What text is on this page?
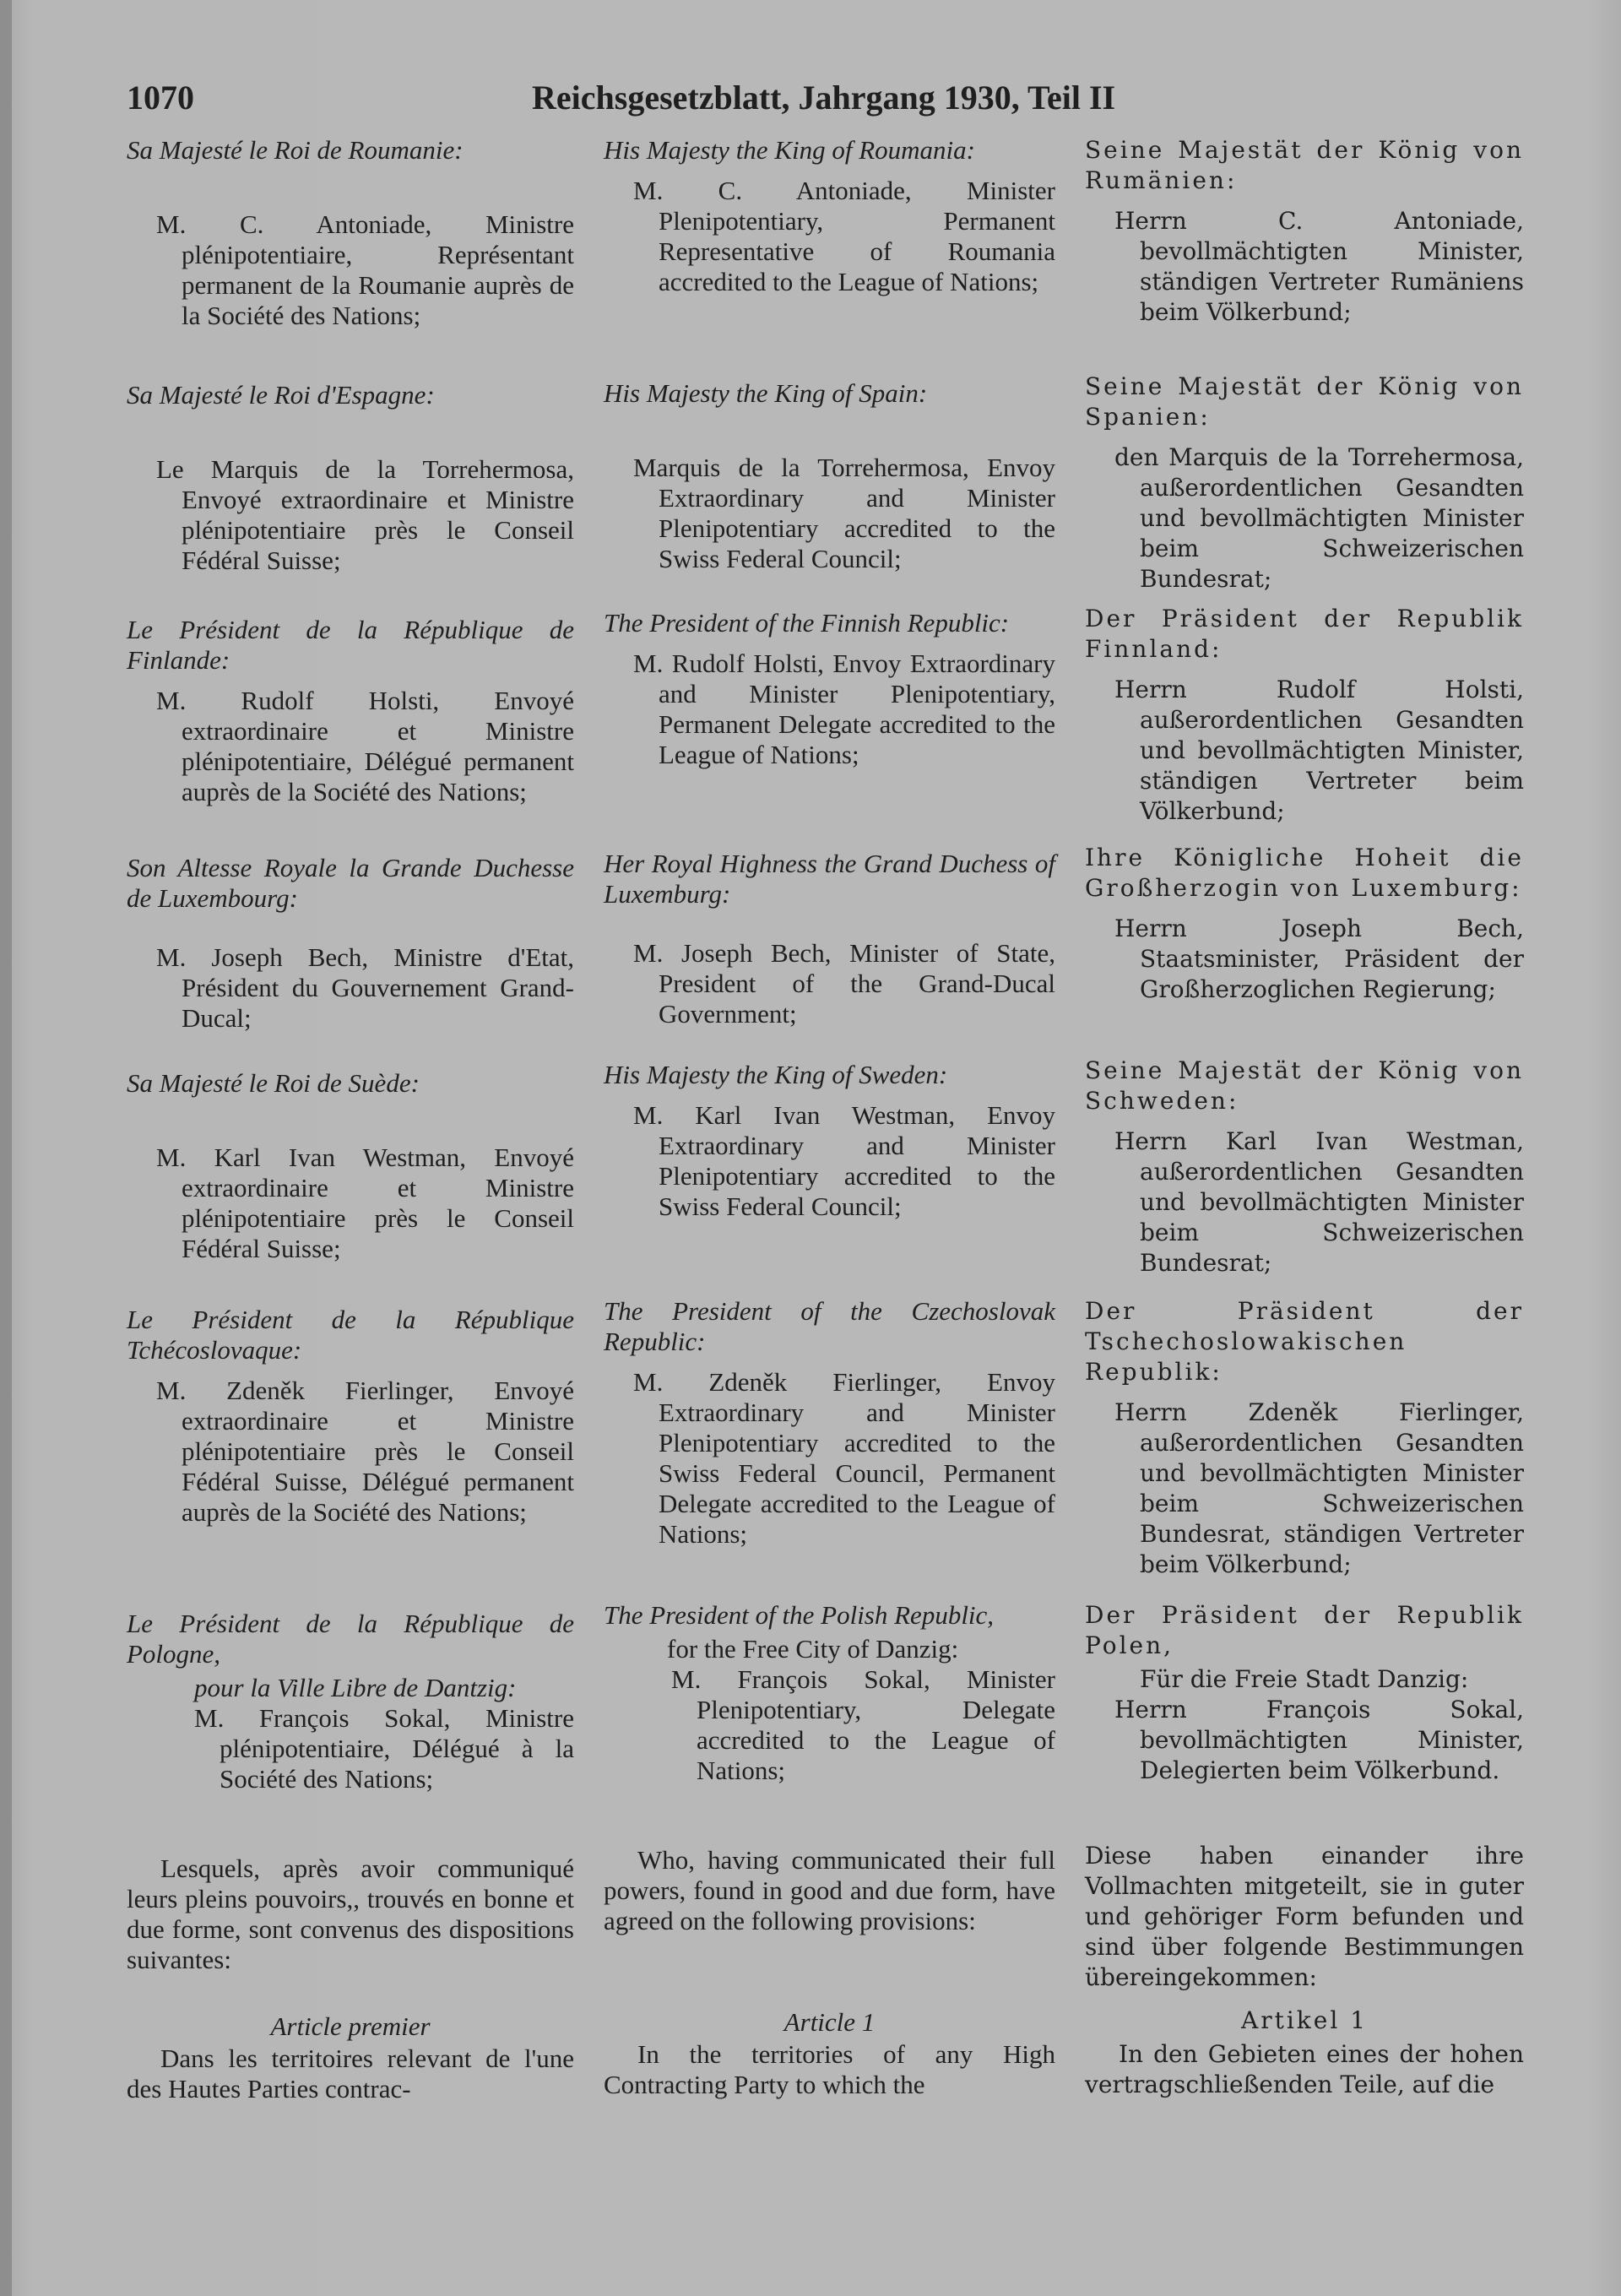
1070	Reichsgesetzblatt, Jahrgang 1930, Teil II
Sa Majesté le Roi de Roumanie:
M. C. Antoniade, Ministre plénipotentiaire, Représentant permanent de la Roumanie auprès de la Société des Nations;
Sa Majesté le Roi d'Espagne:
Le Marquis de la Torrehermosa, Envoyé extraordinaire et Ministre plénipotentiaire près le Conseil Fédéral Suisse;
Le Président de la République de Finlande:
M. Rudolf Holsti, Envoyé extraordinaire et Ministre plénipotentiaire, Délégué permanent auprès de la Société des Nations;
Son Altesse Royale la Grande Duchesse de Luxembourg:
M. Joseph Bech, Ministre d'Etat, Président du Gouvernement Grand-Ducal;
Sa Majesté le Roi de Suède:
M. Karl Ivan Westman, Envoyé extraordinaire et Ministre plénipotentiaire près le Conseil Fédéral Suisse;
Le Président de la République Tchécoslovaque:
M. Zdeněk Fierlinger, Envoyé extraordinaire et Ministre plénipotentiaire près le Conseil Fédéral Suisse, Délégué permanent auprès de la Société des Nations;
Le Président de la République de Pologne,
pour la Ville Libre de Dantzig:
M. François Sokal, Ministre plénipotentiaire, Délégué à la Société des Nations;
Lesquels, après avoir communiqué leurs pleins pouvoirs,, trouvés en bonne et due forme, sont convenus des dispositions suivantes:
Article premier
Dans les territoires relevant de l'une des Hautes Parties contrac-
His Majesty the King of Roumania:
M. C. Antoniade, Minister Plenipotentiary, Permanent Representative of Roumania accredited to the League of Nations;
His Majesty the King of Spain:
Marquis de la Torrehermosa, Envoy Extraordinary and Minister Plenipotentiary accredited to the Swiss Federal Council;
The President of the Finnish Republic:
M. Rudolf Holsti, Envoy Extraordinary and Minister Plenipotentiary, Permanent Delegate accredited to the League of Nations;
Her Royal Highness the Grand Duchess of Luxemburg:
M. Joseph Bech, Minister of State, President of the Grand-Ducal Government;
His Majesty the King of Sweden:
M. Karl Ivan Westman, Envoy Extraordinary and Minister Plenipotentiary accredited to the Swiss Federal Council;
The President of the Czechoslovak Republic:
M. Zdeněk Fierlinger, Envoy Extraordinary and Minister Plenipotentiary accredited to the Swiss Federal Council, Permanent Delegate accredited to the League of Nations;
The President of the Polish Republic,
for the Free City of Danzig:
M. François Sokal, Minister Plenipotentiary, Delegate accredited to the League of Nations;
Who, having communicated their full powers, found in good and due form, have agreed on the following provisions:
Article 1
In the territories of any High Contracting Party to which the
Seine Majestät der König von Rumänien:
Herrn C. Antoniade, bevollmächtigten Minister, ständigen Vertreter Rumäniens beim Völkerbund;
Seine Majestät der König von Spanien:
den Marquis de la Torrehermosa, außerordentlichen Gesandten und bevollmächtigten Minister beim Schweizerischen Bundesrat;
Der Präsident der Republik Finnland:
Herrn Rudolf Holsti, außerordentlichen Gesandten und bevollmächtigten Minister, ständigen Vertreter beim Völkerbund;
Ihre Königliche Hoheit die Großherzogin von Luxemburg:
Herrn Joseph Bech, Staatsminister, Präsident der Großherzoglichen Regierung;
Seine Majestät der König von Schweden:
Herrn Karl Ivan Westman, außerordentlichen Gesandten und bevollmächtigten Minister beim Schweizerischen Bundesrat;
Der Präsident der Tschechoslowakischen Republik:
Herrn Zdeněk Fierlinger, außerordentlichen Gesandten und bevollmächtigten Minister beim Schweizerischen Bundesrat, ständigen Vertreter beim Völkerbund;
Der Präsident der Republik Polen,
Für die Freie Stadt Danzig:
Herrn François Sokal, bevollmächtigten Minister, Delegierten beim Völkerbund.
Diese haben einander ihre Vollmachten mitgeteilt, sie in guter und gehöriger Form befunden und sind über folgende Bestimmungen übereingekommen:
Artikel 1
In den Gebieten eines der hohen vertragschließenden Teile, auf die
